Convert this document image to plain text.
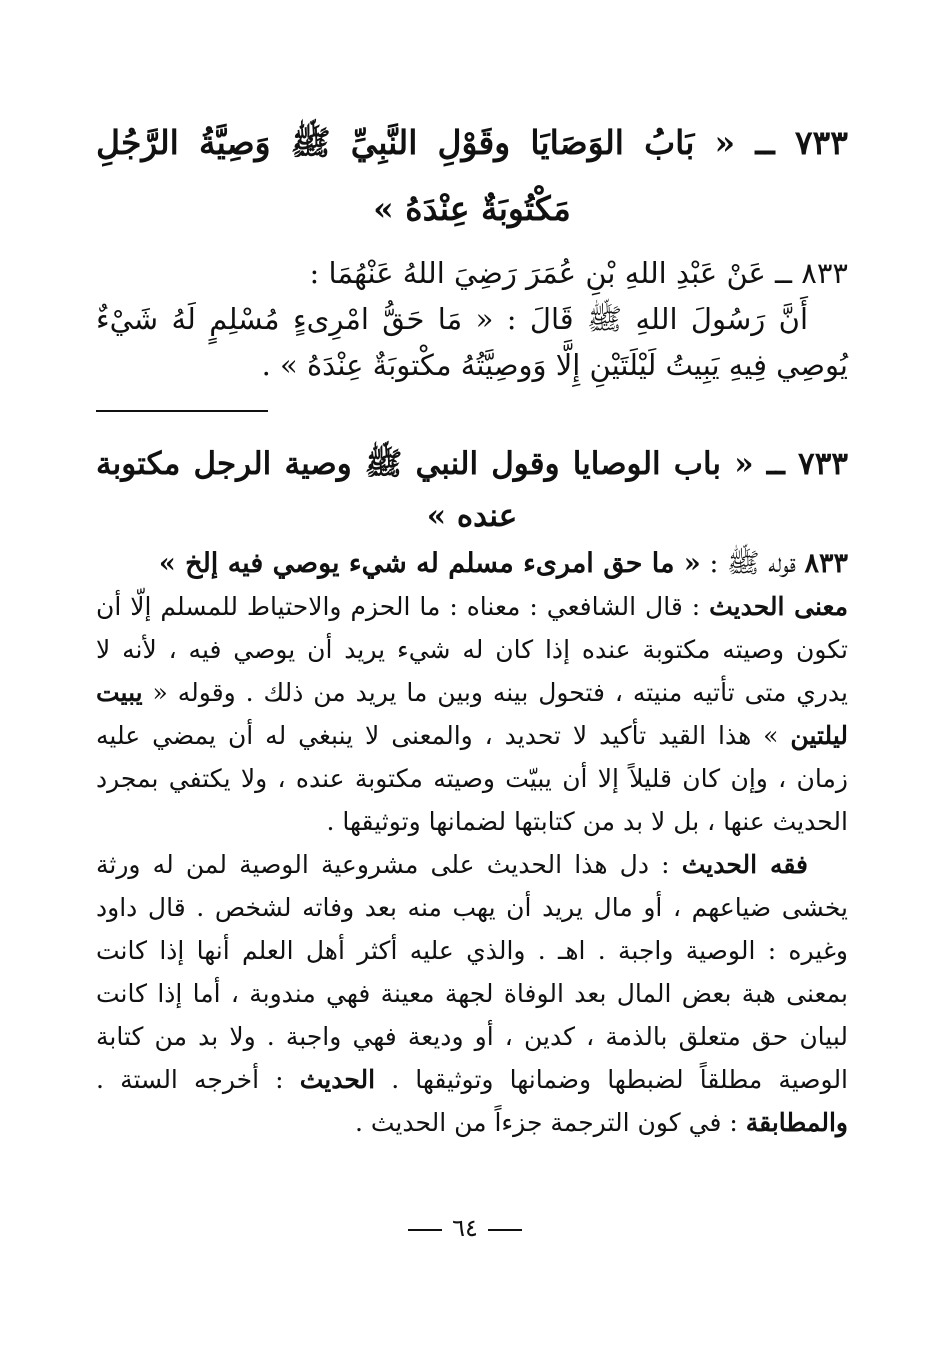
٧٣٣ ــ « بَابُ الوَصَايَا وقَوْلِ النَّبِيِّ ﷺ وَصِيَّةُ الرَّجُلِ مَكْتُوبَةٌ عِنْدَهُ »
٨٣٣ ــ عَنْ عَبْدِ اللهِ بْنِ عُمَرَ رَضِيَ اللهُ عَنْهُمَا :
أَنَّ رَسُولَ اللهِ ﷺ قَالَ : « مَا حَقُّ امْرِىءٍ مُسْلِمٍ لَهُ شَيْءٌ يُوصِي فِيهِ يَبِيتُ لَيْلَتَيْنِ إِلَّا وَوصِيَّتُهُ مكْتوبَةٌ عِنْدَهُ » .
٧٣٣ ــ « باب الوصايا وقول النبي ﷺ وصية الرجل مكتوبة عنده »

٨٣٣ قوله ﷺ : « ما حق امرىء مسلم له شيء يوصي فيه إلخ »

معنى الحديث : قال الشافعي : معناه : ما الحزم والاحتياط للمسلم إلّا أن تكون وصيته مكتوبة عنده إذا كان له شيء يريد أن يوصي فيه ، لأنه لا يدري متى تأتيه منيته ، فتحول بينه وبين ما يريد من ذلك . وقوله « يبيت ليلتين » هذا القيد تأكيد لا تحديد ، والمعنى لا ينبغي له أن يمضي عليه زمان ، وإن كان قليلاً إلا أن يبيّت وصيته مكتوبة عنده ، ولا يكتفي بمجرد الحديث عنها ، بل لا بد من كتابتها لضمانها وتوثيقها .

فقه الحديث : دل هذا الحديث على مشروعية الوصية لمن له ورثة يخشى ضياعهم ، أو مال يريد أن يهب منه بعد وفاته لشخص . قال داود وغيره : الوصية واجبة . اهـ . والذي عليه أكثر أهل العلم أنها إذا كانت بمعنى هبة بعض المال بعد الوفاة لجهة معينة فهي مندوبة ، أما إذا كانت لبيان حق متعلق بالذمة ، كدين ، أو وديعة فهي واجبة . ولا بد من كتابة الوصية مطلقاً لضبطها وضمانها وتوثيقها . الحديث : أخرجه الستة . والمطابقة : في كون الترجمة جزءاً من الحديث .

٦٤
